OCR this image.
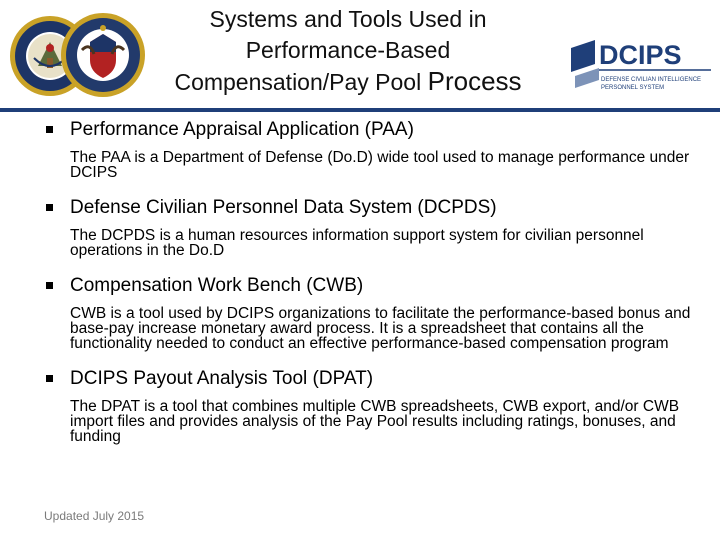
Systems and Tools Used in
Performance-Based
Compensation/Pay Pool Process
DCIPS
DEFENSE CIVILIAN INTELLIGENCE
PERSONNEL SYSTEM
Performance Appraisal Application (PAA)
The PAA is a Department of Defense (Do.D) wide tool used to manage performance under DCIPS
Defense Civilian Personnel Data System (DCPDS)
The DCPDS is a human resources information support system for civilian personnel operations in the Do.D
Compensation Work Bench (CWB)
CWB is a tool used by DCIPS organizations to facilitate the performance-based bonus and base-pay increase monetary award process. It is a spreadsheet that contains all the functionality needed to conduct an effective performance-based compensation program
DCIPS Payout Analysis Tool (DPAT)
The DPAT is a tool that combines multiple CWB spreadsheets, CWB export, and/or CWB import files and provides analysis of the Pay Pool results including ratings, bonuses, and funding
Updated July 2015
